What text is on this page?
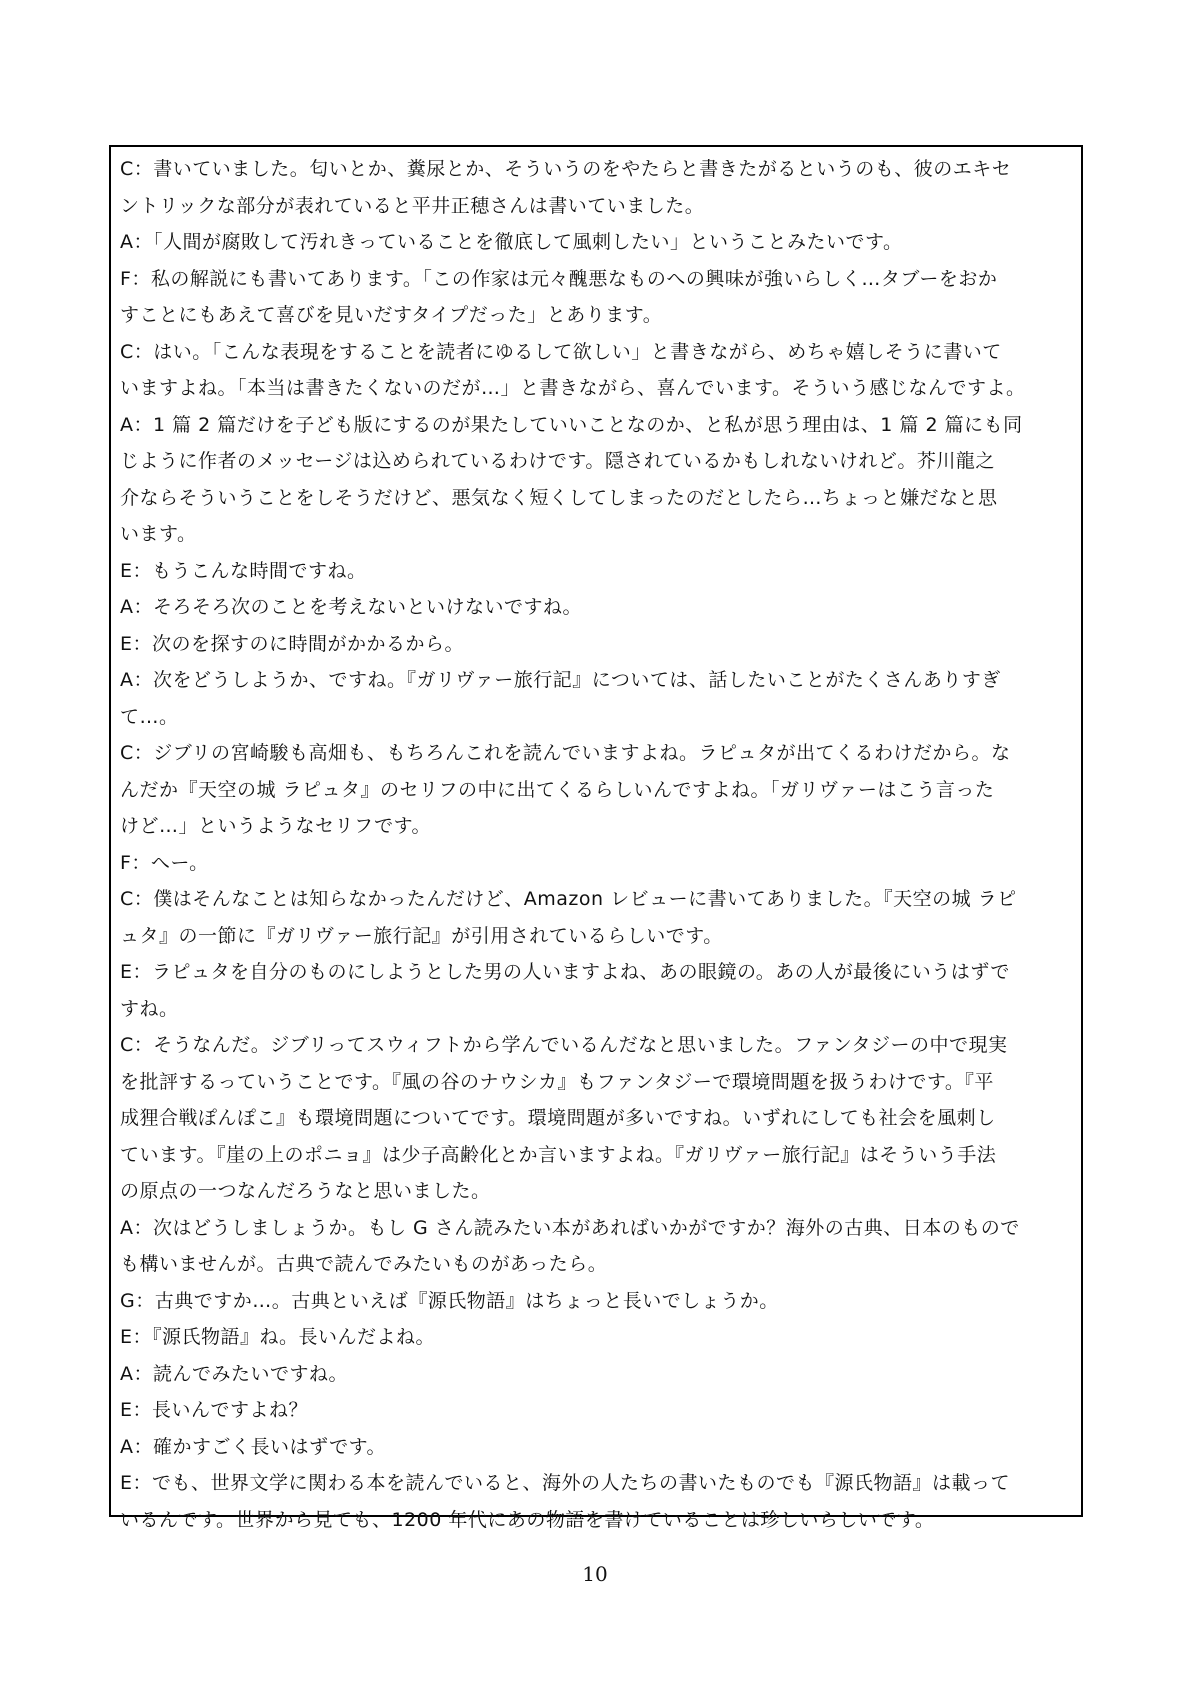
C：書いていました。匂いとか、糞尿とか、そういうのをやたらと書きたがるというのも、彼のエキセ
ントリックな部分が表れていると平井正穂さんは書いていました。
A：「人間が腐敗して汚れきっていることを徹底して風刺したい」ということみたいです。
F：私の解説にも書いてあります。「この作家は元々醜悪なものへの興味が強いらしく…タブーをおか
すことにもあえて喜びを見いだすタイプだった」とあります。
C：はい。「こんな表現をすることを読者にゆるして欲しい」と書きながら、めちゃ嬉しそうに書いて
いますよね。「本当は書きたくないのだが…」と書きながら、喜んでいます。そういう感じなんですよ。
A：1 篇 2 篇だけを子ども版にするのが果たしていいことなのか、と私が思う理由は、1 篇 2 篇にも同
じように作者のメッセージは込められているわけです。隠されているかもしれないけれど。芥川龍之
介ならそういうことをしそうだけど、悪気なく短くしてしまったのだとしたら…ちょっと嫌だなと思
います。
E：もうこんな時間ですね。
A：そろそろ次のことを考えないといけないですね。
E：次のを探すのに時間がかかるから。
A：次をどうしようか、ですね。『ガリヴァー旅行記』については、話したいことがたくさんありすぎ
て…。
C：ジブリの宮崎駿も高畑も、もちろんこれを読んでいますよね。ラピュタが出てくるわけだから。な
んだか『天空の城 ラピュタ』のセリフの中に出てくるらしいんですよね。「ガリヴァーはこう言った
けど…」というようなセリフです。
F：へー。
C：僕はそんなことは知らなかったんだけど、Amazon レビューに書いてありました。『天空の城 ラピ
ュタ』の一節に『ガリヴァー旅行記』が引用されているらしいです。
E：ラピュタを自分のものにしようとした男の人いますよね、あの眼鏡の。あの人が最後にいうはずで
すね。
C：そうなんだ。ジブリってスウィフトから学んでいるんだなと思いました。ファンタジーの中で現実
を批評するっていうことです。『風の谷のナウシカ』もファンタジーで環境問題を扱うわけです。『平
成狸合戦ぽんぽこ』も環境問題についてです。環境問題が多いですね。いずれにしても社会を風刺し
ています。『崖の上のポニョ』は少子高齢化とか言いますよね。『ガリヴァー旅行記』はそういう手法
の原点の一つなんだろうなと思いました。
A：次はどうしましょうか。もし G さん読みたい本があればいかがですか？海外の古典、日本のもので
も構いませんが。古典で読んでみたいものがあったら。
G：古典ですか…。古典といえば『源氏物語』はちょっと長いでしょうか。
E：『源氏物語』ね。長いんだよね。
A：読んでみたいですね。
E：長いんですよね？
A：確かすごく長いはずです。
E：でも、世界文学に関わる本を読んでいると、海外の人たちの書いたものでも『源氏物語』は載って
いるんです。世界から見ても、1200 年代にあの物語を書けていることは珍しいらしいです。
10
